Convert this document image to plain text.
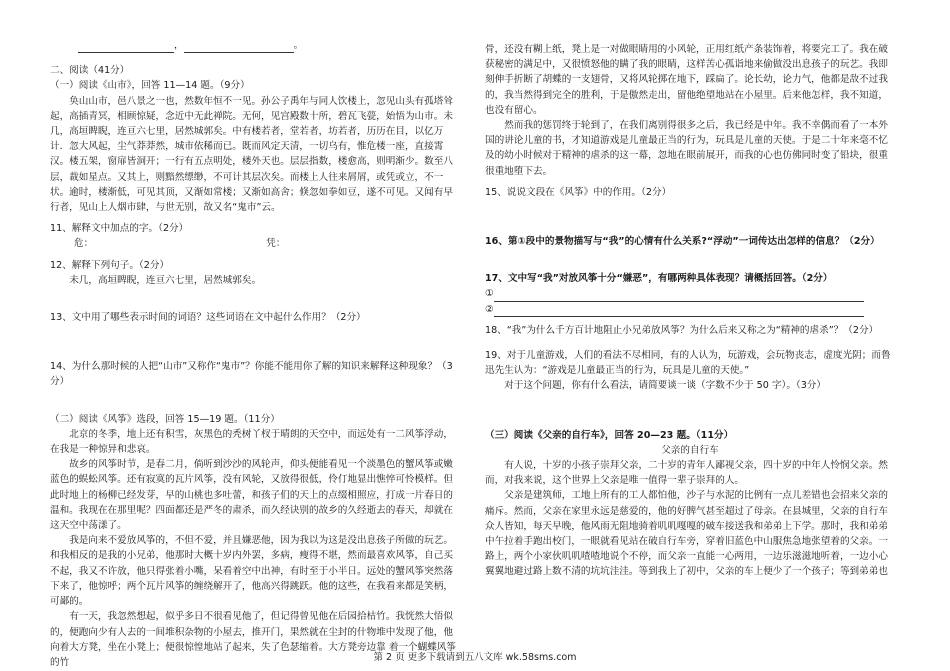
，	。

二、阅读（41分）

（一）阅读《山市》，回答 11—14 题。（9分）

奂山山市，邑八景之一也，然数年恒不一见。孙公子禹年与同人饮楼上，忽见山头有孤塔耸起，高插青冥，相顾惊疑，念近中无此禅院。无何，见宫殿数十所，碧瓦飞甍，始悟为山市。未几，高垣睥睨，连亘六七里，居然城郭矣。中有楼若者，堂若者，坊若者，历历在目，以亿万计．忽大风起，尘气莽莽然，城市依稀而已。既而风定天清，一切乌有，惟危楼一座，直接霄汉。楼五架，窗扉皆洞开；一行有五点明处，楼外天也。层层指数，楼愈高，则明渐少。数至八层，裁如星点。又其上，则黯然缥缈，不可计其层次矣。而楼上人往来屑屑，或凭或立，不一状。逾时，楼渐低，可见其顶，又渐如常楼；又渐如高舍；倏忽如拳如豆，遂不可见。又闻有早行者，见山上人烟市肆，与世无别，故又名“鬼市”云。

11、解释文中加点的字。（2分）

危：	凭：

12、解释下列句子。（2分）

未几，高垣睥睨，连亘六七里，居然城郭矣。

13、文中用了哪些表示时间的词语？这些词语在文中起什么作用？（2分）

14、为什么那时候的人把“山市”又称作“鬼市”？你能不能用你了解的知识来解释这种现象？（3分）

（二）阅读《风筝》选段，回答 15—19 题。（11分）

北京的冬季，地上还有积雪，灰黑色的秃树丫杈于晴朗的天空中，而远处有一二风筝浮动，在我是一种惊异和悲哀。

故乡的风筝时节，是春二月，倘听到沙沙的风轮声，仰头便能看见一个淡墨色的蟹风筝或嫩蓝色的蜈蚣风筝。还有寂寞的瓦片风筝，没有风轮，又放得很低，伶仃地显出憔悴可怜模样。但此时地上的杨柳已经发芽，早的山桃也多吐蕾，和孩子们的天上的点缀相照应，打成一片春日的温和。我现在在那里呢？四面都还是严冬的肃杀，而久经诀别的故乡的久经逝去的春天，却就在这天空中荡漾了。

我是向来不爱放风筝的，不但不爱，并且嫌恶他，因为我以为这是没出息孩子所做的玩艺。和我相反的是我的小兄弟，他那时大概十岁内外罢，多病，瘦得不堪，然而最喜欢风筝，自己买不起，我又不许放，他只得张着小嘴，呆看着空中出神，有时至于小半日。远处的蟹风筝突然落下来了，他惊呼；两个瓦片风筝的缠绕解开了，他高兴得跳跃。他的这些，在我看来都是笑柄，可鄙的。

有一天，我忽然想起，似乎多日不很看见他了，但记得曾见他在后园拾枯竹。我恍然大悟似的，便跑向少有人去的一间堆积杂物的小屋去，推开门，果然就在尘封的什物堆中发现了他，他向着大方凳，坐在小凳上；便很惊惶地站了起来，失了色瑟缩着。大方凳旁边靠 着一个蝴蝶风筝的竹

骨，还没有糊上纸，凳上是一对做眼睛用的小风轮，正用红纸产条装饰着，将要完工了。我在破获秘密的满足中，又很愤怒他的瞒了我的眼睛，这样苦心孤诣地来偷做没出息孩子的玩艺。我即刻伸手折断了胡蝶的一支翅骨，又将风轮掷在地下，踩扁了。论长幼，论力气，他都是敌不过我的，我当然得到完全的胜利，于是傲然走出，留他绝望地站在小屋里。后来他怎样，我不知道，也没有留心。

然而我的惩罚终于轮到了，在我们离别得很多之后，我已经是中年。我不幸偶而看了一本外国的讲论儿童的书，才知道游戏是儿童最正当的行为，玩具是儿童的天使。于是二十年来毫不忆及的幼小时候对于精神的虐杀的这一幕，忽地在眼前展开，而我的心也仿佛同时变了铅块，很重很重地堕下去。

15、说说文段在《风筝》中的作用。（2分）

16、第①段中的景物描写与“我”的心情有什么关系?“浮动”一词传达出怎样的信息？（2分）

17、文中写“我”对放风筝十分“嫌恶”，有哪两种具体表现？请概括回答。（2分）

①

②

18、“我”为什么千方百计地阻止小兄弟放风筝？为什么后来又称之为“精神的虐杀”？（2分）

19、对于儿童游戏，人们的看法不尽相同，有的人认为，玩游戏，会玩物丧志，虚度光阴；而鲁迅先生认为：“游戏是儿童最正当的行为，玩具是儿童的天使。”

对于这个问题，你有什么看法，请简要谈一谈（字数不少于 50 字）。（3分）

（三）阅读《父亲的自行车》，回答 20—23 题。（11分）

父亲的自行车

有人说，十岁的小孩子崇拜父亲，二十岁的青年人鄙视父亲，四十岁的中年人怜悯父亲。然而，对我来说，这个世界上父亲是唯一值得一辈子崇拜的人。

父亲是建筑师，工地上所有的工人都怕他，沙子与水泥的比例有一点儿差错也会招来父亲的痛斥。然而，父亲在家里永远是慈爱的，他的好脾气甚至超过了母亲。在县城里，父亲的自行车众人皆知，每天早晚，他风雨无阻地骑着叽叽嘎嘎的破车接送我和弟弟上下学。那时，我和弟弟中午拉着手跑出校门，一眼就看见站在破自行车旁，穿着旧蓝色中山服焦急地张望着的父亲。一路上，两个小家伙叽叽喳喳地说个不停，而父亲一直能一心两用，一边乐滋滋地听着，一边小心翼翼地避过路上数不清的坑坑洼洼。等到我上了初中，父亲的车上便少了一个孩子；等到弟弟也

第 2 页 更多下载请到五八文库 wk.58sms.com
